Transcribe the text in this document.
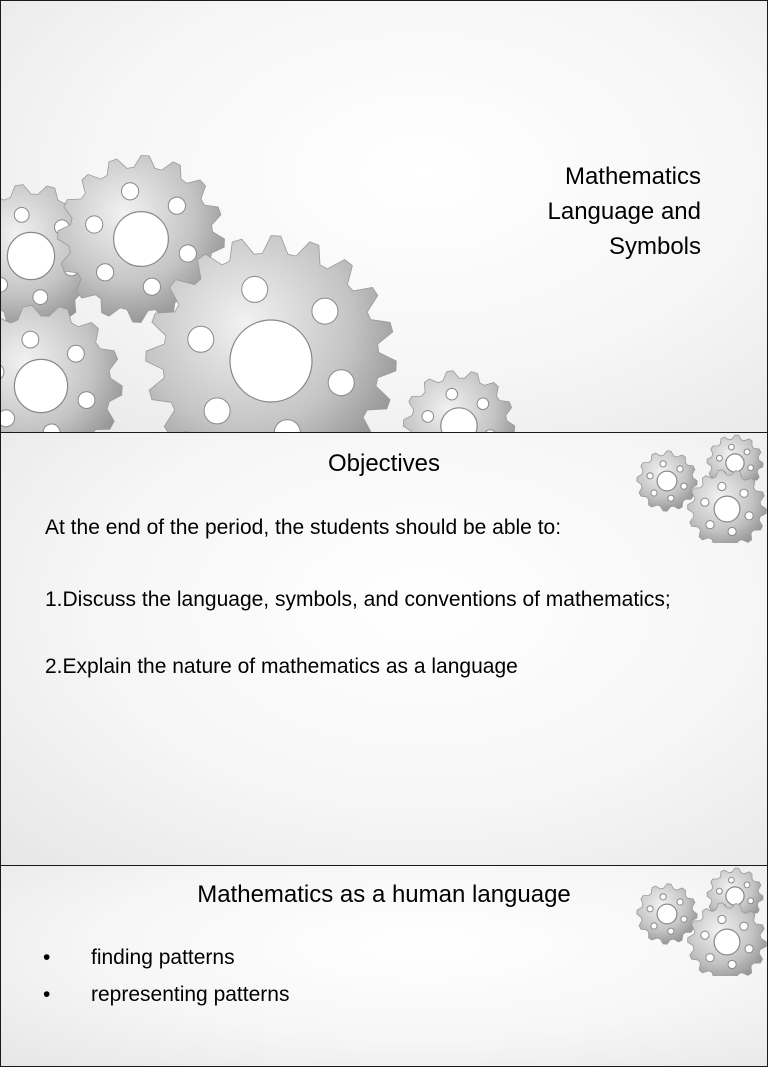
Mathematics
Language and
Symbols
Objectives
At the end of the period, the students should be able to:
1.Discuss the language, symbols, and conventions of mathematics;
2.Explain the nature of mathematics as a language
Mathematics as a human language
•	finding patterns
•	representing patterns
